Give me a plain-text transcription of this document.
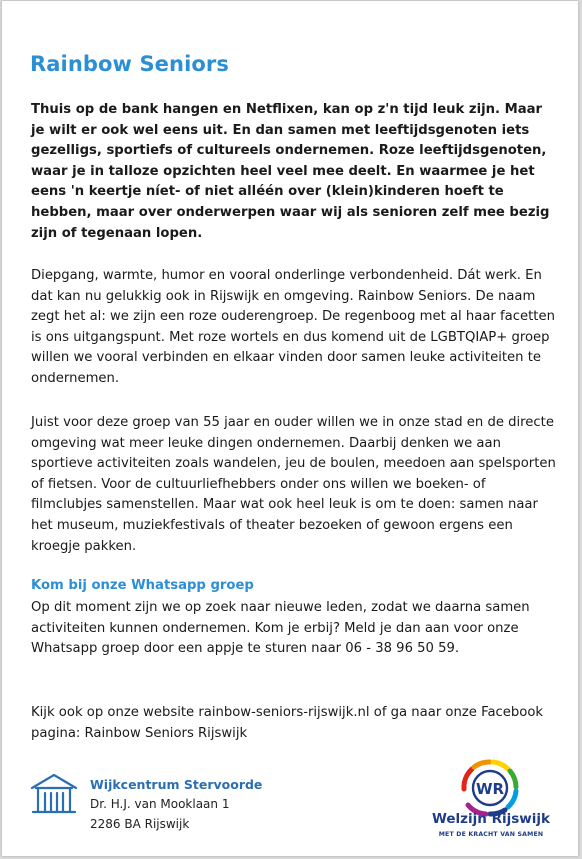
Rainbow Seniors

Thuis op de bank hangen en Netflixen, kan op z'n tijd leuk zijn. Maar je wilt er ook wel eens uit. En dan samen met leeftijdsgenoten iets gezelligs, sportiefs of cultureels ondernemen. Roze leeftijdsgenoten, waar je in talloze opzichten heel veel mee deelt. En waarmee je het eens 'n keertje níet- of niet alléén over (klein)kinderen hoeft te hebben, maar over onderwerpen waar wij als senioren zelf mee bezig zijn of tegenaan lopen.

Diepgang, warmte, humor en vooral onderlinge verbondenheid. Dát werk. En dat kan nu gelukkig ook in Rijswijk en omgeving. Rainbow Seniors. De naam zegt het al: we zijn een roze ouderengroep. De regenboog met al haar facetten is ons uitgangspunt. Met roze wortels en dus komend uit de LGBTQIAP+ groep willen we vooral verbinden en elkaar vinden door samen leuke activiteiten te ondernemen.

Juist voor deze groep van 55 jaar en ouder willen we in onze stad en de directe omgeving wat meer leuke dingen ondernemen. Daarbij denken we aan sportieve activiteiten zoals wandelen, jeu de boulen, meedoen aan spelsporten of fietsen. Voor de cultuurliefhebbers onder ons willen we boeken- of filmclubjes samenstellen. Maar wat ook heel leuk is om te doen: samen naar het museum, muziekfestivals of theater bezoeken of gewoon ergens een kroegje pakken.

Kom bij onze Whatsapp groep

Op dit moment zijn we op zoek naar nieuwe leden, zodat we daarna samen activiteiten kunnen ondernemen. Kom je erbij? Meld je dan aan voor onze Whatsapp groep door een appje te sturen naar 06 - 38 96 50 59.

Kijk ook op onze website rainbow-seniors-rijswijk.nl of ga naar onze Facebook pagina: Rainbow Seniors Rijswijk

Wijkcentrum Stervoorde

Dr. H.J. van Mooklaan 1

2286 BA Rijswijk

WR

Welzijn Rijswijk

MET DE KRACHT VAN SAMEN
